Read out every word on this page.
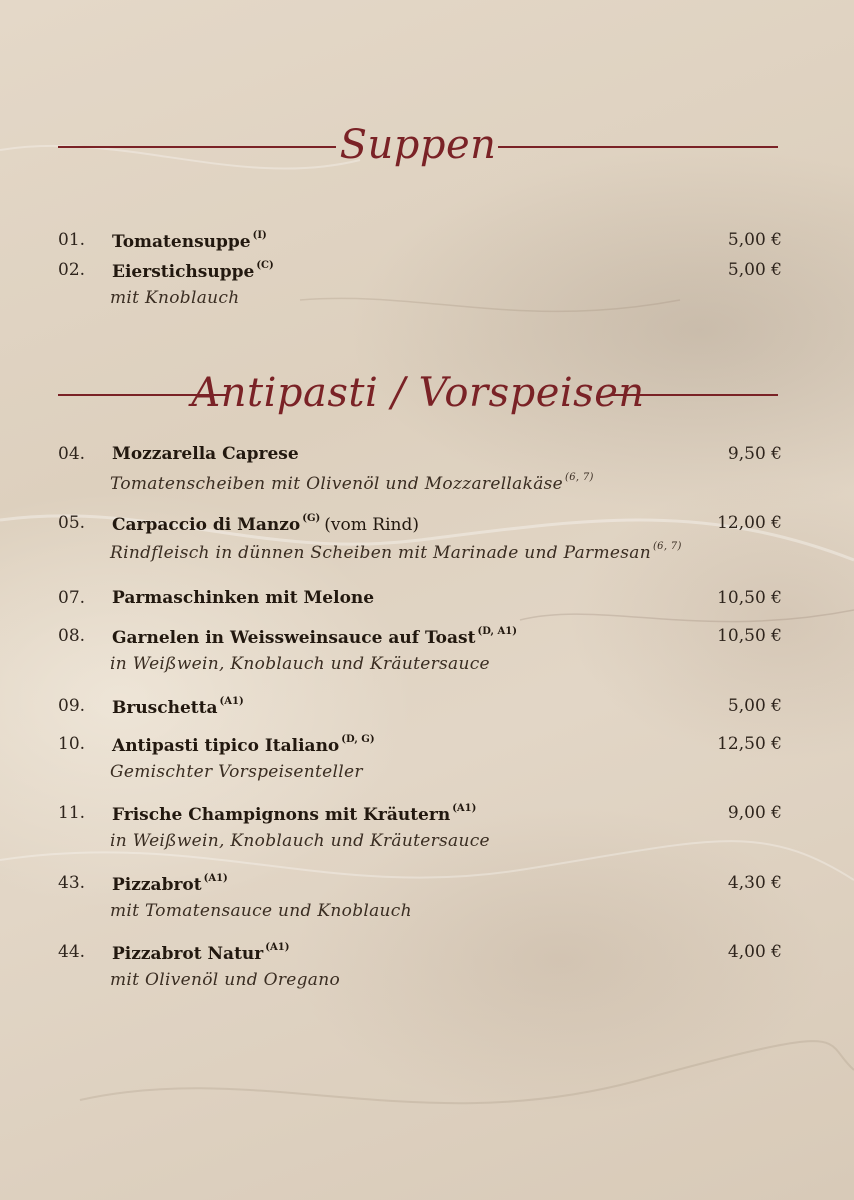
Suppen
01.	Tomatensuppe $^{(I)}$	5,00 €
02.	Eierstichsuppe $^{(C)}$	5,00 €
mit Knoblauch
Antipasti / Vorspeisen
04.	Mozzarella Caprese	9,50 €
Tomatenscheiben mit Olivenöl und Mozzarellakäse $^{(6, 7)}$
05.	Carpaccio di Manzo $^{(G)}$ (vom Rind)	12,00 €
Rindfleisch in dünnen Scheiben mit Marinade und Parmesan $^{(6, 7)}$
07.	Parmaschinken mit Melone	10,50 €
08.	Garnelen in Weissweinsauce auf Toast $^{(D, A1)}$	10,50 €
in Weißwein, Knoblauch und Kräutersauce
09.	Bruschetta $^{(A1)}$	5,00 €
10.	Antipasti tipico Italiano $^{(D, G)}$	12,50 €
Gemischter Vorspeisenteller
11.	Frische Champignons mit Kräutern $^{(A1)}$	9,00 €
in Weißwein, Knoblauch und Kräutersauce
43.	Pizzabrot $^{(A1)}$	4,30 €
mit Tomatensauce und Knoblauch
44.	Pizzabrot Natur $^{(A1)}$	4,00 €
mit Olivenöl und Oregano
